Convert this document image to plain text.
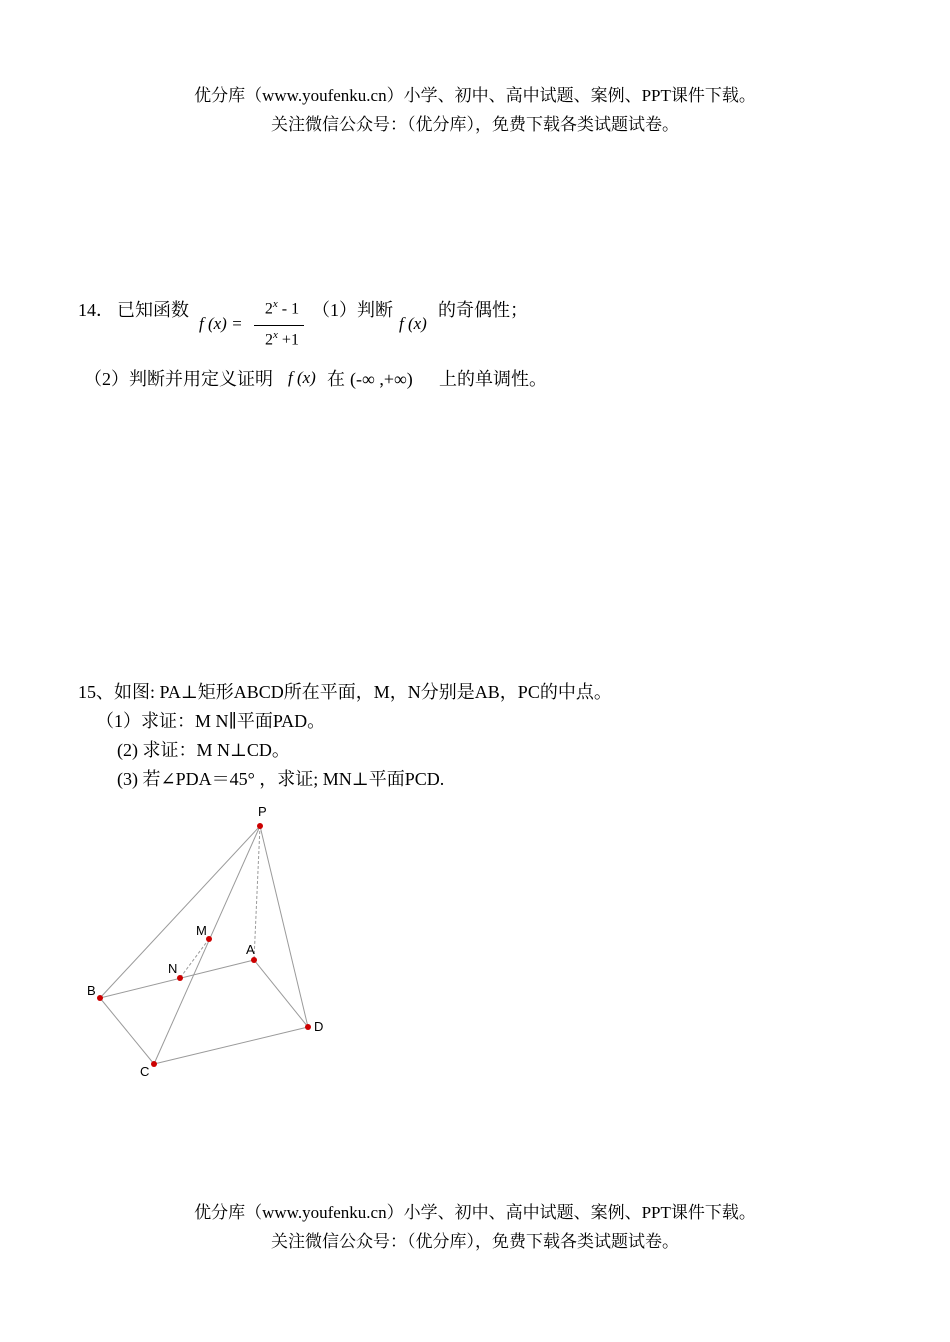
优分库（www.youfenku.cn）小学、初中、高中试题、案例、PPT课件下载。
关注微信公众号：（优分库），免费下载各类试题试卷。
14． 已知函数
f (x) =
$2^x - 1$
$2^x +1$
（1）判断
f (x)
的奇偶性；
（2）判断并用定义证明 f (x) 在 (-∞ ,+∞) 上的单调性。
15、如图: PA⊥矩形ABCD所在平面，M，N分别是AB，PC的中点。
（1）求证：M N∥平面PAD。
(2) 求证：M N⊥CD。
(3) 若∠PDA＝45° ，求证; MN⊥平面PCD.
P
M
A
N
B
D
C
优分库（www.youfenku.cn）小学、初中、高中试题、案例、PPT课件下载。
关注微信公众号：（优分库），免费下载各类试题试卷。
